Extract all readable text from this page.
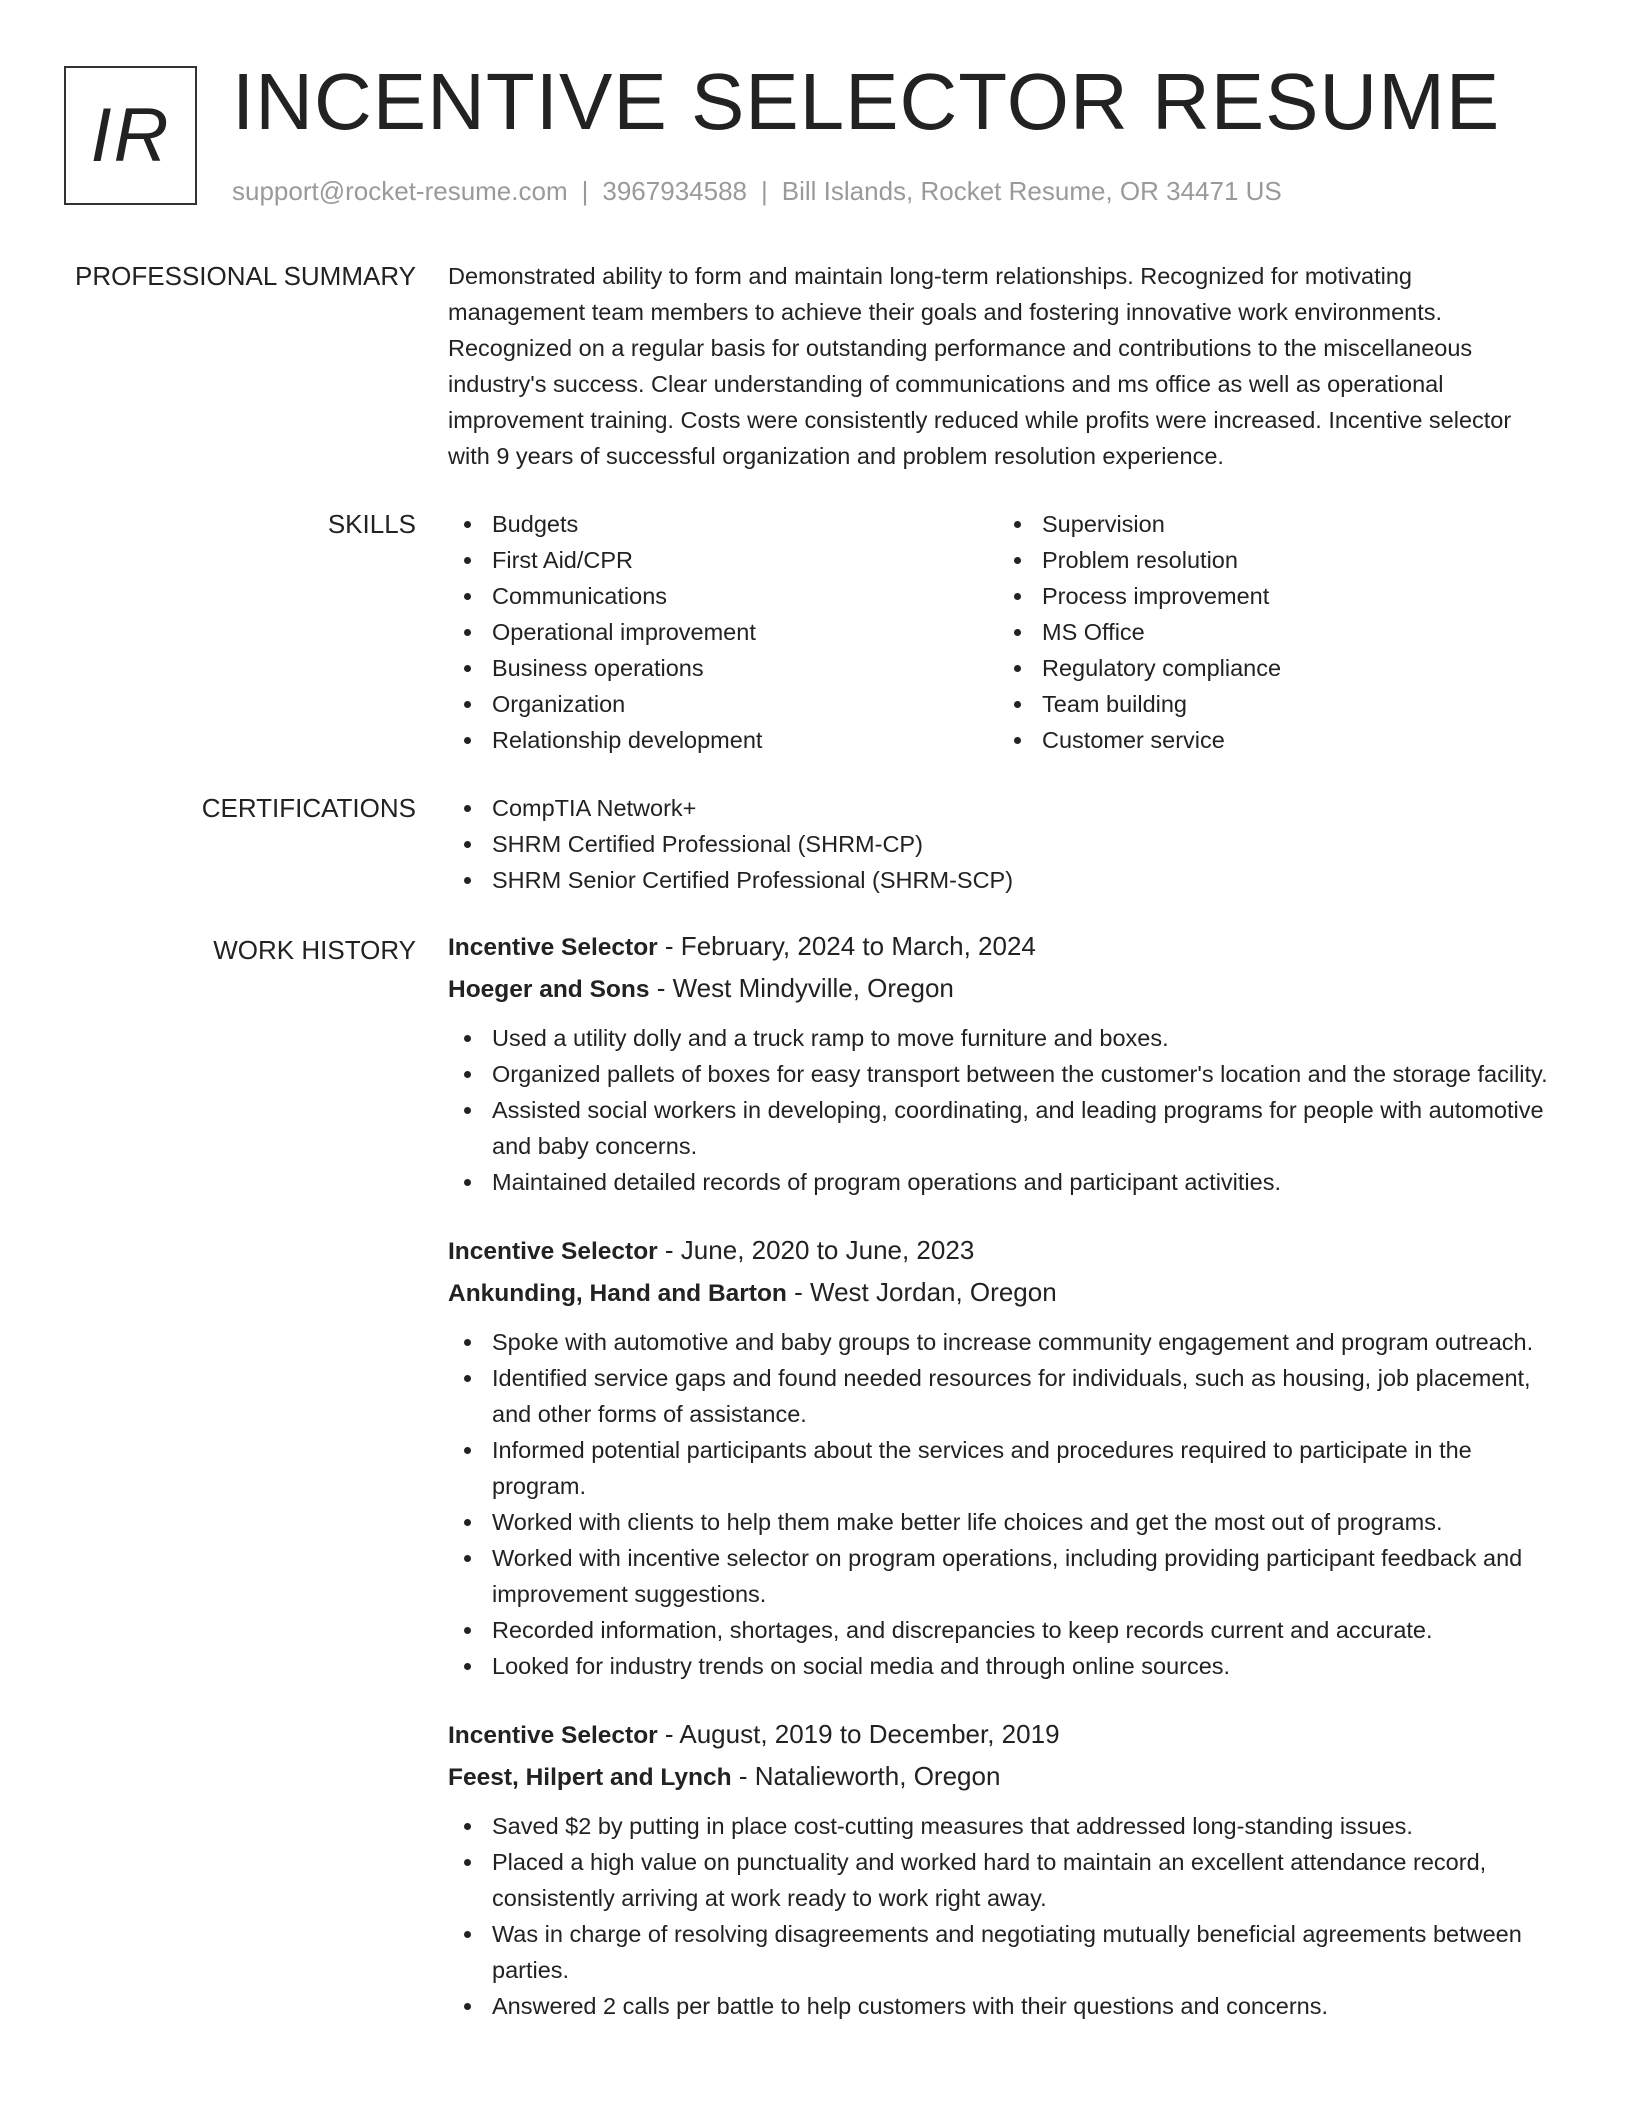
IR INCENTIVE SELECTOR RESUME
support@rocket-resume.com | 3967934588 | Bill Islands, Rocket Resume, OR 34471 US
PROFESSIONAL SUMMARY Demonstrated ability to form and maintain long-term relationships. Recognized for motivating management team members to achieve their goals and fostering innovative work environments. Recognized on a regular basis for outstanding performance and contributions to the miscellaneous industry's success. Clear understanding of communications and ms office as well as operational improvement training. Costs were consistently reduced while profits were increased. Incentive selector with 9 years of successful organization and problem resolution experience.

SKILLS	Budgets
First Aid/CPR
Communications
Operational improvement
Business operations
Organization
Relationship development
Supervision
Problem resolution
Process improvement
MS Office
Regulatory compliance
Team building
Customer service
CERTIFICATIONS	CompTIA Network+
SHRM Certified Professional (SHRM-CP)
SHRM Senior Certified Professional (SHRM-SCP)
WORK HISTORY Incentive Selector - February, 2024 to March, 2024
Hoeger and Sons - West Mindyville, Oregon
Used a utility dolly and a truck ramp to move furniture and boxes.
Organized pallets of boxes for easy transport between the customer's location and the storage facility.
Assisted social workers in developing, coordinating, and leading programs for people with automotive and baby concerns.
Maintained detailed records of program operations and participant activities.
Incentive Selector - June, 2020 to June, 2023
Ankunding, Hand and Barton - West Jordan, Oregon
Spoke with automotive and baby groups to increase community engagement and program outreach.
Identified service gaps and found needed resources for individuals, such as housing, job placement, and other forms of assistance.
Informed potential participants about the services and procedures required to participate in the program.
Worked with clients to help them make better life choices and get the most out of programs.
Worked with incentive selector on program operations, including providing participant feedback and improvement suggestions.
Recorded information, shortages, and discrepancies to keep records current and accurate.
Looked for industry trends on social media and through online sources.
Incentive Selector - August, 2019 to December, 2019
Feest, Hilpert and Lynch - Natalieworth, Oregon
Saved $2 by putting in place cost-cutting measures that addressed long-standing issues.
Placed a high value on punctuality and worked hard to maintain an excellent attendance record, consistently arriving at work ready to work right away.
Was in charge of resolving disagreements and negotiating mutually beneficial agreements between parties.
Answered 2 calls per battle to help customers with their questions and concerns.
